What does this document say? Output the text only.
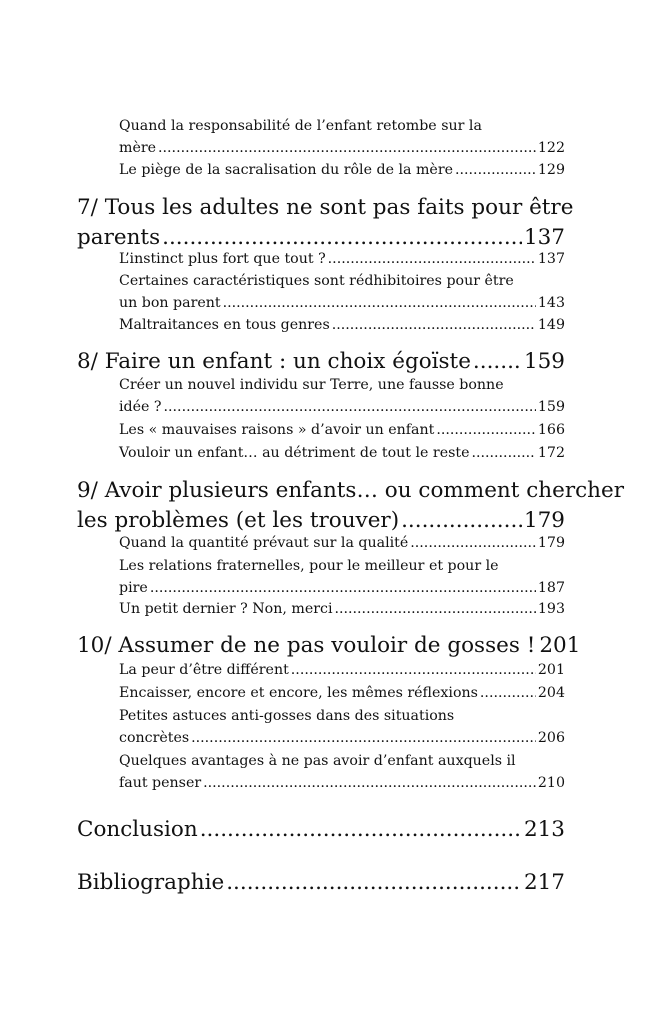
Quand la responsabilité de l’enfant retombe sur la
mère .....	122
Le piège de la sacralisation du rôle de la mère .....	129
7/ Tous les adultes ne sont pas faits pour être
parents .....	137
L’instinct plus fort que tout ? .....	137
Certaines caractéristiques sont rédhibitoires pour être
un bon parent .....	143
Maltraitances en tous genres .....	149
8/ Faire un enfant : un choix égoïste ..... 159
Créer un nouvel individu sur Terre, une fausse bonne
idée ? .....	159
Les « mauvaises raisons » d’avoir un enfant .....	166
Vouloir un enfant… au détriment de tout le reste .....	172
9/ Avoir plusieurs enfants… ou comment chercher
les problèmes (et les trouver) .....	179
Quand la quantité prévaut sur la qualité .....	179
Les relations fraternelles, pour le meilleur et pour le
pire .....	187
Un petit dernier ? Non, merci .....	193
10/ Assumer de ne pas vouloir de gosses ! 201
La peur d’être différent .....	201
Encaisser, encore et encore, les mêmes réflexions .....	204
Petites astuces anti-gosses dans des situations
concrètes .....	206
Quelques avantages à ne pas avoir d’enfant auxquels il
faut penser .....	210
Conclusion .....	213
Bibliographie .....	217
